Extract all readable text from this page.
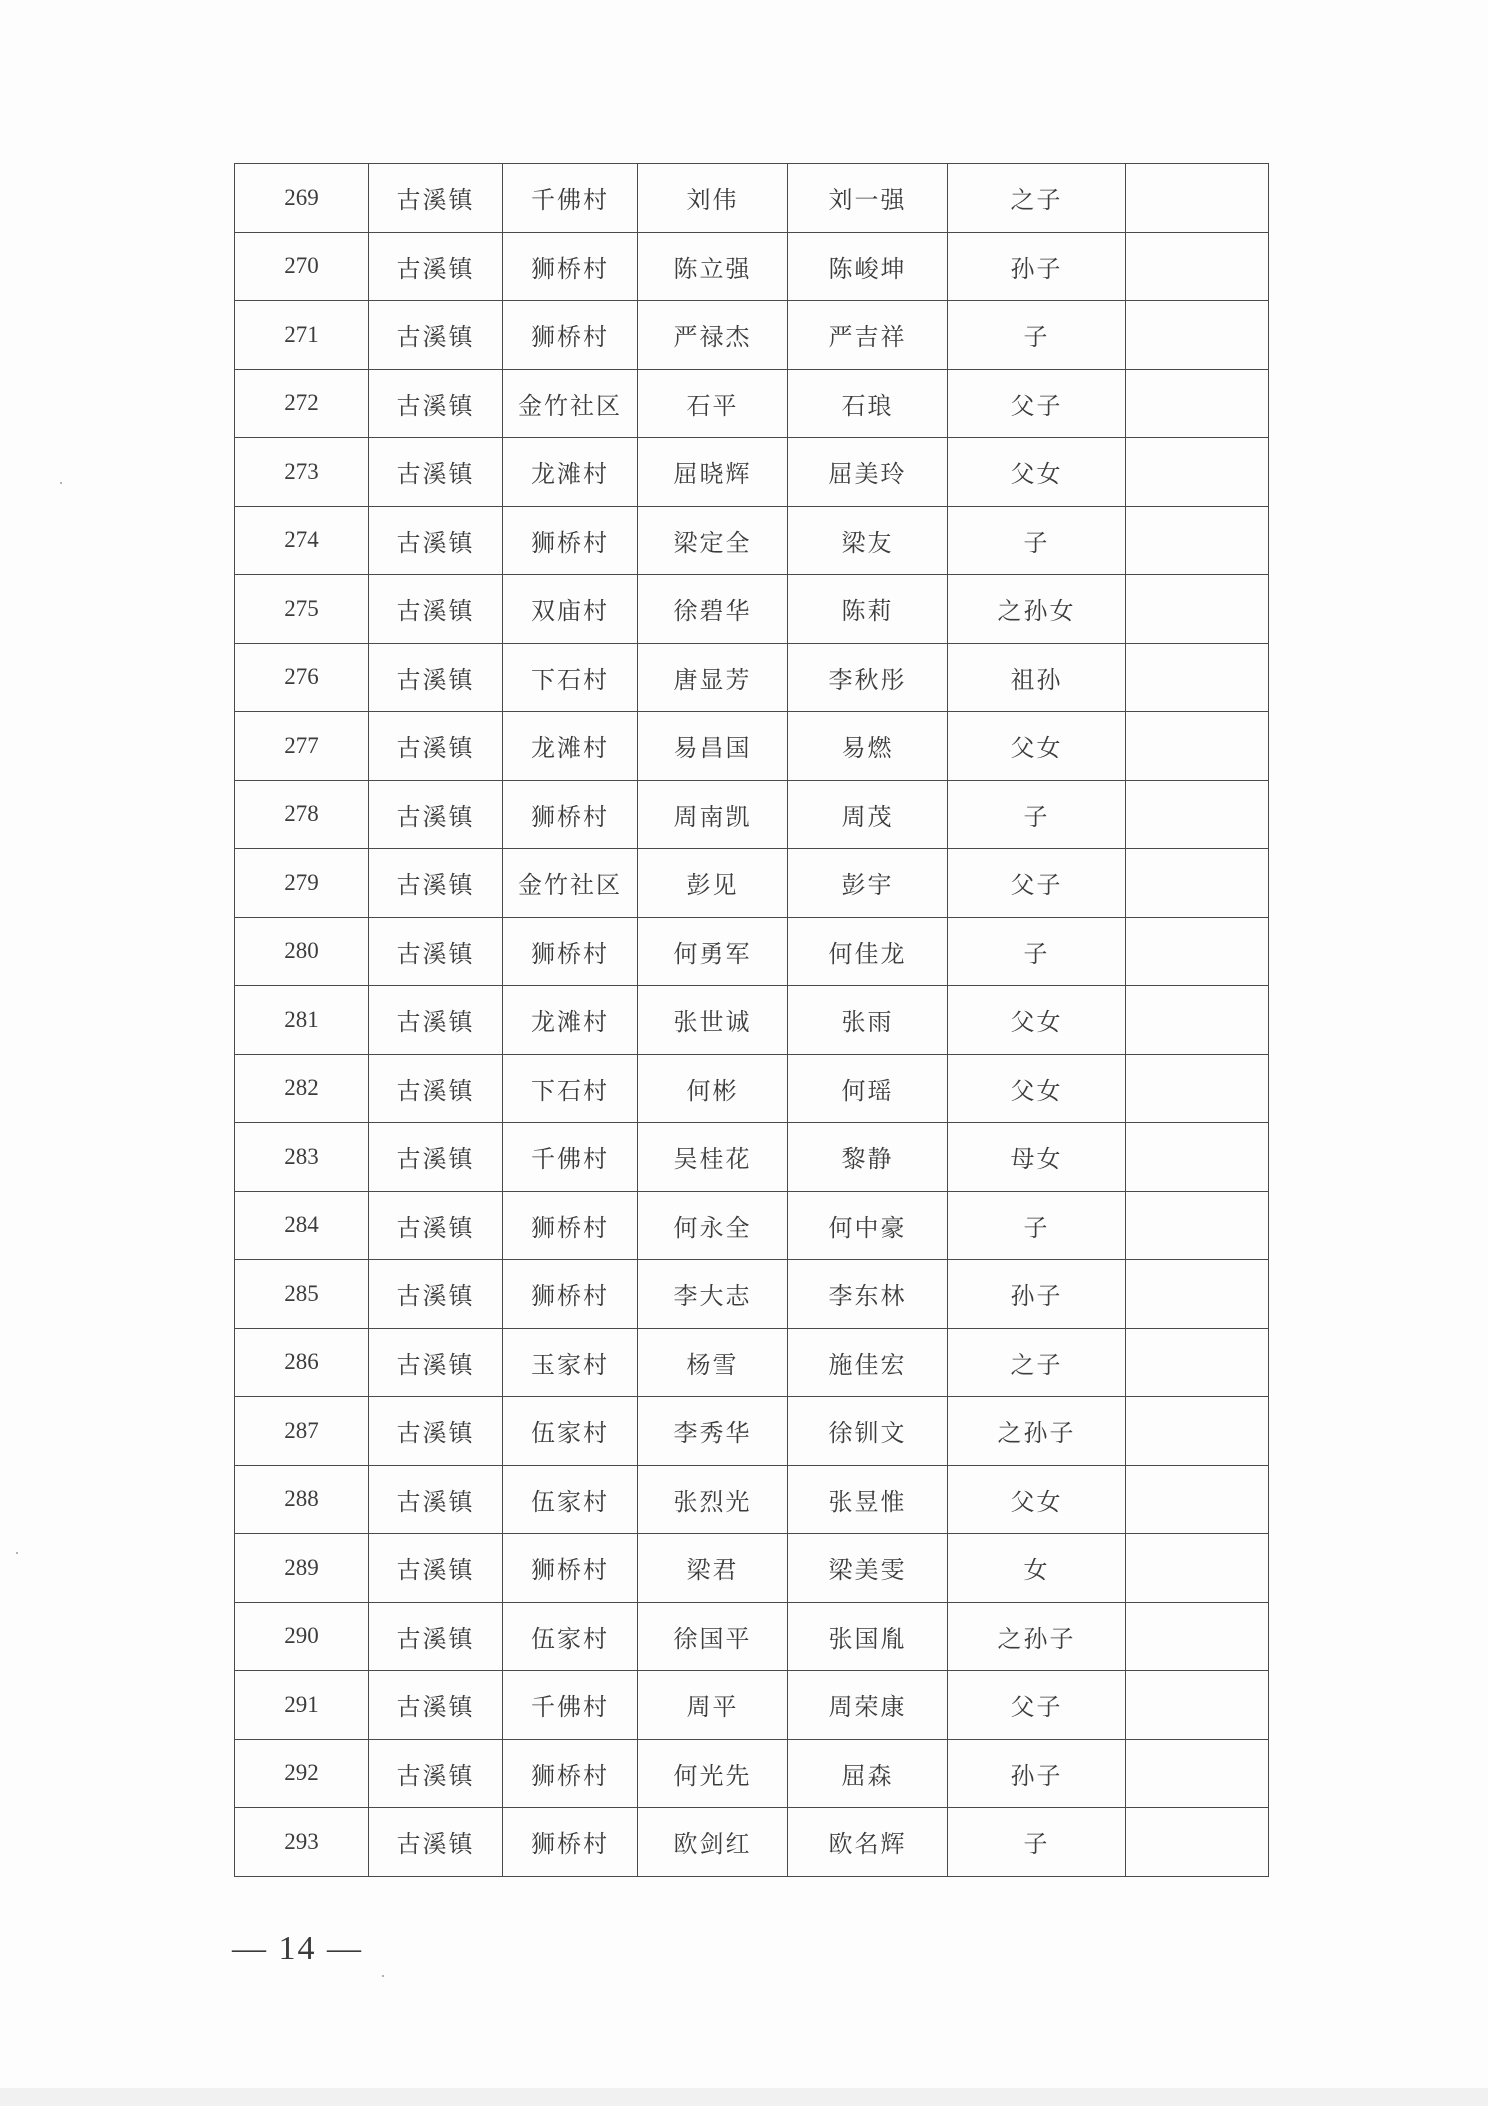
269	古溪镇	千佛村	刘伟	刘一强	之子	
270	古溪镇	狮桥村	陈立强	陈峻坤	孙子	
271	古溪镇	狮桥村	严禄杰	严吉祥	子	
272	古溪镇	金竹社区	石平	石琅	父子	
273	古溪镇	龙滩村	屈晓辉	屈美玲	父女	
274	古溪镇	狮桥村	梁定全	梁友	子	
275	古溪镇	双庙村	徐碧华	陈莉	之孙女	
276	古溪镇	下石村	唐显芳	李秋彤	祖孙	
277	古溪镇	龙滩村	易昌国	易燃	父女	
278	古溪镇	狮桥村	周南凯	周茂	子	
279	古溪镇	金竹社区	彭见	彭宇	父子	
280	古溪镇	狮桥村	何勇军	何佳龙	子	
281	古溪镇	龙滩村	张世诚	张雨	父女	
282	古溪镇	下石村	何彬	何瑶	父女	
283	古溪镇	千佛村	吴桂花	黎静	母女	
284	古溪镇	狮桥村	何永全	何中豪	子	
285	古溪镇	狮桥村	李大志	李东林	孙子	
286	古溪镇	玉家村	杨雪	施佳宏	之子	
287	古溪镇	伍家村	李秀华	徐钏文	之孙子	
288	古溪镇	伍家村	张烈光	张昱惟	父女	
289	古溪镇	狮桥村	梁君	梁美雯	女	
290	古溪镇	伍家村	徐国平	张国胤	之孙子	
291	古溪镇	千佛村	周平	周荣康	父子	
292	古溪镇	狮桥村	何光先	屈森	孙子	
293	古溪镇	狮桥村	欧剑红	欧名辉	子	
— 14 —
